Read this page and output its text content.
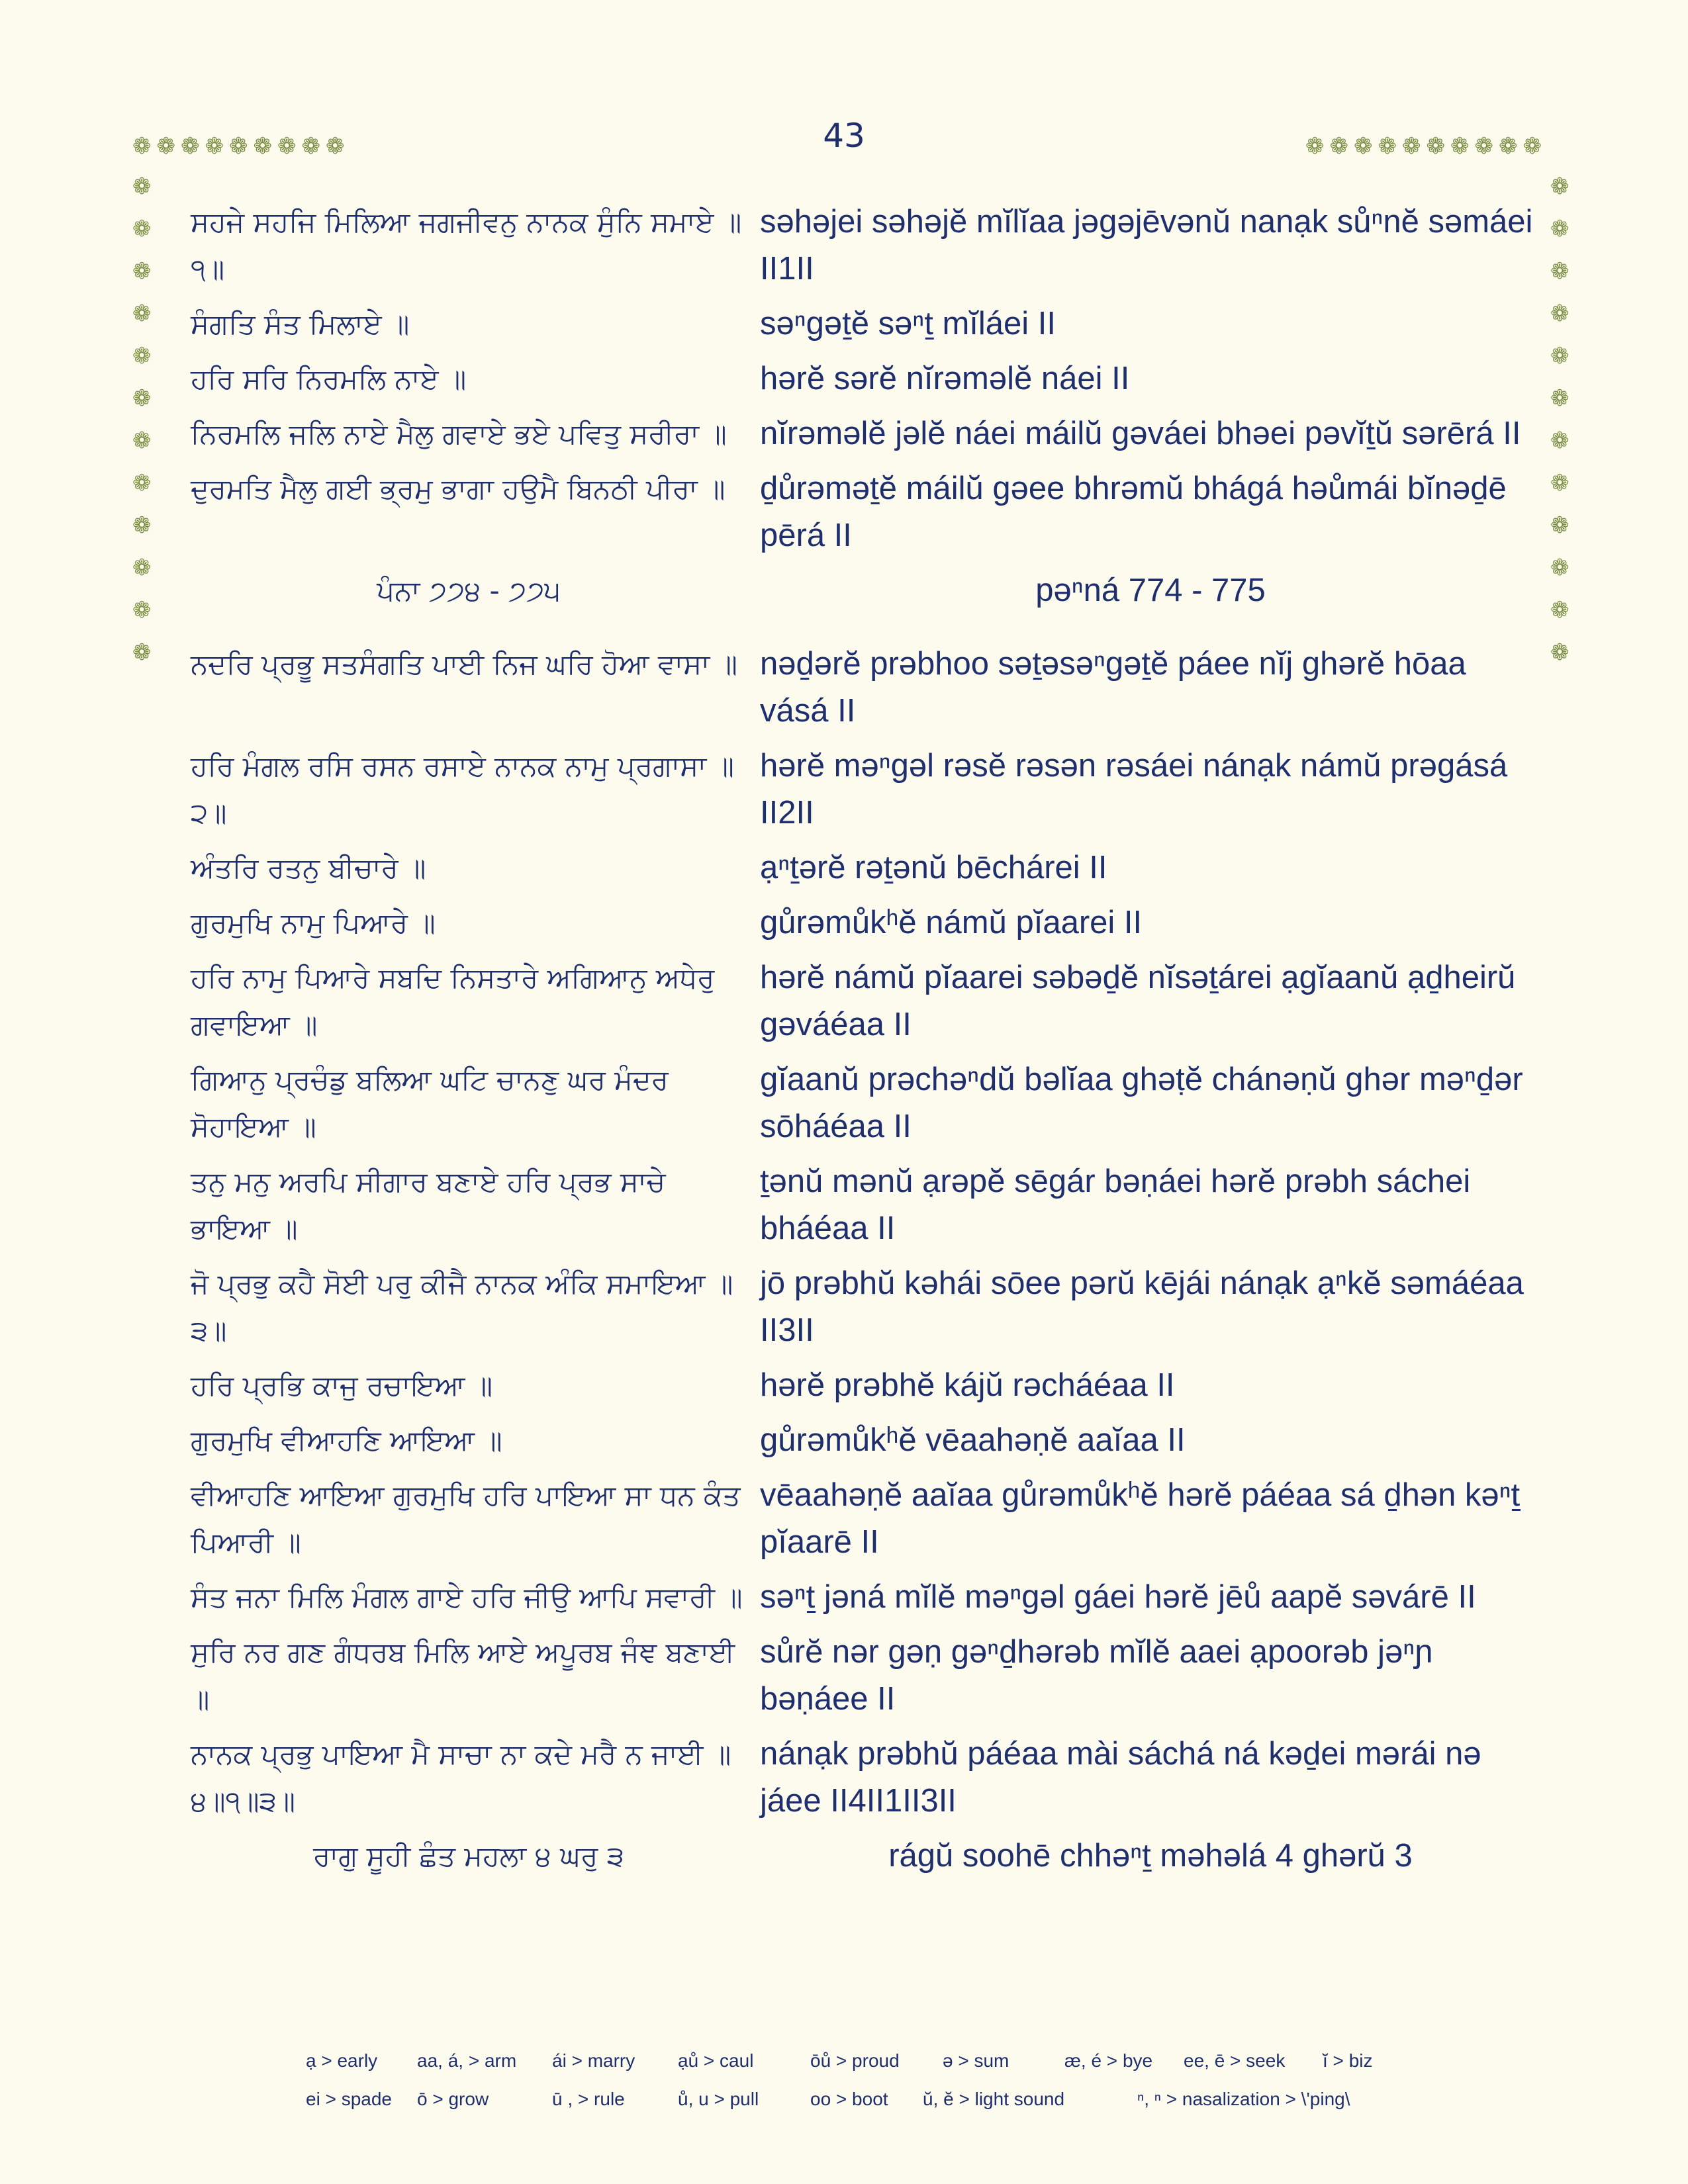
43
❁❁❁❁❁❁❁❁❁	❁❁❁❁❁❁❁❁❁❁
❁
❁
❁
❁
❁
❁
❁
❁
❁
❁
❁
❁
❁
❁
❁
❁
❁
❁
❁
❁
❁
❁
❁
❁
ਸਹਜੇ ਸਹਜਿ ਮਿਲਿਆ ਜਗਜੀਵਨੁ ਨਾਨਕ ਸੁੰਨਿ ਸਮਾਏ ॥੧॥
səhəjei səhəjĕ mĭlĭaa jəgəjēvənŭ nanạk sůⁿnĕ səmáei II1II
ਸੰਗਤਿ ਸੰਤ ਮਿਲਾਏ ॥	səⁿgəṯĕ səⁿṯ mĭláei II
ਹਰਿ ਸਰਿ ਨਿਰਮਲਿ ਨਾਏ ॥	hərĕ sərĕ nĭrəməlĕ náei II
ਨਿਰਮਲਿ ਜਲਿ ਨਾਏ ਮੈਲੁ ਗਵਾਏ ਭਏ ਪਵਿਤੁ ਸਰੀਰਾ ॥	nĭrəməlĕ jəlĕ náei máilŭ gəváei bhəei pəvĭṯŭ sərērá II
ਦੁਰਮਤਿ ਮੈਲੁ ਗਈ ਭ੍ਰਮੁ ਭਾਗਾ ਹਉਮੈ ਬਿਨਠੀ ਪੀਰਾ ॥	ḏůrəməṯĕ máilŭ gəee bhrəmŭ bhágá həůmái bĭnəḏē pērá II
ਪੰਨਾ ੭੭੪ - ੭੭੫	pəⁿná 774 - 775
ਨਦਰਿ ਪ੍ਰਭੂ ਸਤਸੰਗਤਿ ਪਾਈ ਨਿਜ ਘਰਿ ਹੋਆ ਵਾਸਾ ॥ nəḏərĕ prəbhoo səṯəsəⁿgəṯĕ páee nĭj ghərĕ hōaa vásá II
ਹਰਿ ਮੰਗਲ ਰਸਿ ਰਸਨ ਰਸਾਏ ਨਾਨਕ ਨਾਮੁ ਪ੍ਰਗਾਸਾ ॥੨॥
hərĕ məⁿgəl rəsĕ rəsən rəsáei nánạk námŭ prəgásá II2II
ਅੰਤਰਿ ਰਤਨੁ ਬੀਚਾਰੇ ॥	ạⁿṯərĕ rəṯənŭ bēchárei II
ਗੁਰਮੁਖਿ ਨਾਮੁ ਪਿਆਰੇ ॥	gůrəmůkʰĕ námŭ pĭaarei II
ਹਰਿ ਨਾਮੁ ਪਿਆਰੇ ਸਬਦਿ ਨਿਸਤਾਰੇ ਅਗਿਆਨੁ ਅਧੇਰੁ ਗਵਾਇਆ ॥
hərĕ námŭ pĭaarei səbəḏĕ nĭsəṯárei ạgĭaanŭ ạḏheirŭ gəváéaa II
ਗਿਆਨੁ ਪ੍ਰਚੰਡੁ ਬਲਿਆ ਘਟਿ ਚਾਨਣੁ ਘਰ ਮੰਦਰ ਸੋਹਾਇਆ ॥
gĭaanŭ prəchəⁿdŭ bəlĭaa ghəṭĕ chánəṇŭ ghər məⁿḏər sōháéaa II
ਤਨੁ ਮਨੁ ਅਰਪਿ ਸੀਗਾਰ ਬਣਾਏ ਹਰਿ ਪ੍ਰਭ ਸਾਚੇ ਭਾਇਆ ॥
ṯənŭ mənŭ ạrəpĕ sēgár bəṇáei hərĕ prəbh sáchei bháéaa II
ਜੋ ਪ੍ਰਭੁ ਕਹੈ ਸੋਈ ਪਰੁ ਕੀਜੈ ਨਾਨਕ ਅੰਕਿ ਸਮਾਇਆ ॥੩॥
jō prəbhŭ kəhái sōee pərŭ kējái nánạk ạⁿkĕ səmáéaa II3II
ਹਰਿ ਪ੍ਰਭਿ ਕਾਜੁ ਰਚਾਇਆ ॥	hərĕ prəbhĕ kájŭ rəcháéaa II
ਗੁਰਮੁਖਿ ਵੀਆਹਣਿ ਆਇਆ ॥	gůrəmůkʰĕ vēaahəṇĕ aaĭaa II
ਵੀਆਹਣਿ ਆਇਆ ਗੁਰਮੁਖਿ ਹਰਿ ਪਾਇਆ ਸਾ ਧਨ ਕੰਤ ਪਿਆਰੀ ॥
vēaahəṇĕ aaĭaa gůrəmůkʰĕ hərĕ páéaa sá ḏhən kəⁿṯ pĭaarē II
ਸੰਤ ਜਨਾ ਮਿਲਿ ਮੰਗਲ ਗਾਏ ਹਰਿ ਜੀਉ ਆਪਿ ਸਵਾਰੀ ॥ səⁿṯ jəná mĭlĕ məⁿgəl gáei hərĕ jēů aapĕ səvárē II
ਸੁਰਿ ਨਰ ਗਣ ਗੰਧਰਬ ਮਿਲਿ ਆਏ ਅਪੂਰਬ ਜੰਞ ਬਣਾਈ ॥
sůrĕ nər gəṇ gəⁿḏhərəb mĭlĕ aaei ạpoorəb jəⁿɲ bəṇáee II
ਨਾਨਕ ਪ੍ਰਭੁ ਪਾਇਆ ਮੈ ਸਾਚਾ ਨਾ ਕਦੇ ਮਰੈ ਨ ਜਾਈ ॥੪॥੧॥੩॥
nánạk prəbhŭ páéaa mài sáchá ná kəḏei mərái nə jáee II4II1II3II
ਰਾਗੁ ਸੂਹੀ ਛੰਤ ਮਹਲਾ ੪ ਘਰੁ ੩	rágŭ soohē chhəⁿṯ məhəlá 4 ghərŭ 3
ạ > early	aa, á, > arm	ái > marry	ạů > caul	ōů > proud	ə > sum	æ, é > bye	ee, ē > seek	ĭ > biz
ei > spade	ō > grow	ū , > rule	ů, u > pull	oo > boot	ŭ, ĕ > light sound	ⁿ, ⁿ > nasalization > \'ping\
